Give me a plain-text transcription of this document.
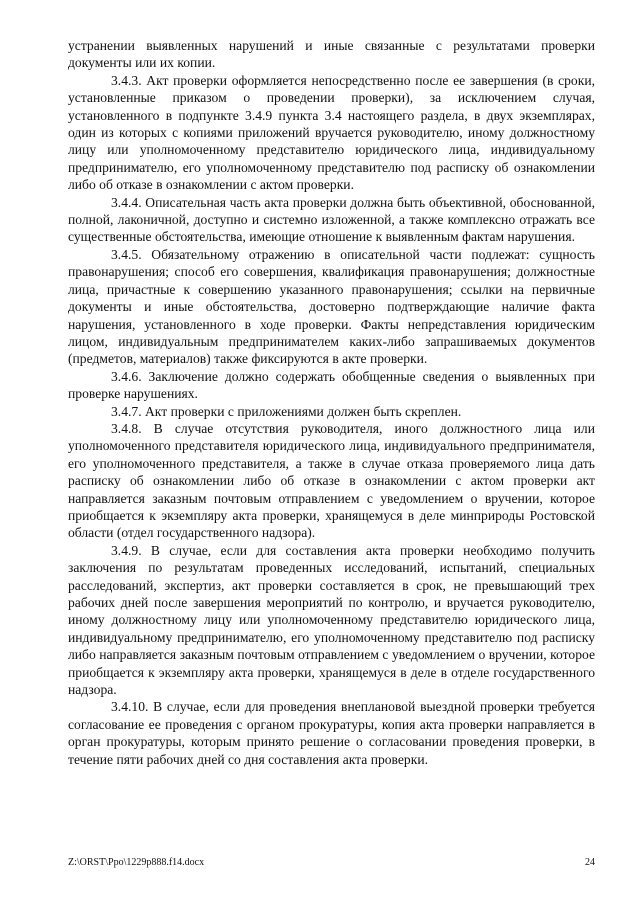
устранении выявленных нарушений и иные связанные с результатами проверки документы или их копии.

3.4.3. Акт проверки оформляется непосредственно после ее завершения (в сроки, установленные приказом о проведении проверки), за исключением случая, установленного в подпункте 3.4.9 пункта 3.4 настоящего раздела, в двух экземплярах, один из которых с копиями приложений вручается руководителю, иному должностному лицу или уполномоченному представителю юридического лица, индивидуальному предпринимателю, его уполномоченному представителю под расписку об ознакомлении либо об отказе в ознакомлении с актом проверки.

3.4.4. Описательная часть акта проверки должна быть объективной, обоснованной, полной, лаконичной, доступно и системно изложенной, а также комплексно отражать все существенные обстоятельства, имеющие отношение к выявленным фактам нарушения.

3.4.5. Обязательному отражению в описательной части подлежат: сущность правонарушения; способ его совершения, квалификация правонарушения; должностные лица, причастные к совершению указанного правонарушения; ссылки на первичные документы и иные обстоятельства, достоверно подтверждающие наличие факта нарушения, установленного в ходе проверки. Факты непредставления юридическим лицом, индивидуальным предпринимателем каких-либо запрашиваемых документов (предметов, материалов) также фиксируются в акте проверки.

3.4.6. Заключение должно содержать обобщенные сведения о выявленных при проверке нарушениях.

3.4.7. Акт проверки с приложениями должен быть скреплен.

3.4.8. В случае отсутствия руководителя, иного должностного лица или уполномоченного представителя юридического лица, индивидуального предпринимателя, его уполномоченного представителя, а также в случае отказа проверяемого лица дать расписку об ознакомлении либо об отказе в ознакомлении с актом проверки акт направляется заказным почтовым отправлением с уведомлением о вручении, которое приобщается к экземпляру акта проверки, хранящемуся в деле минприроды Ростовской области (отдел государственного надзора).

3.4.9. В случае, если для составления акта проверки необходимо получить заключения по результатам проведенных исследований, испытаний, специальных расследований, экспертиз, акт проверки составляется в срок, не превышающий трех рабочих дней после завершения мероприятий по контролю, и вручается руководителю, иному должностному лицу или уполномоченному представителю юридического лица, индивидуальному предпринимателю, его уполномоченному представителю под расписку либо направляется заказным почтовым отправлением с уведомлением о вручении, которое приобщается к экземпляру акта проверки, хранящемуся в деле в отделе государственного надзора.

3.4.10. В случае, если для проведения внеплановой выездной проверки требуется согласование ее проведения с органом прокуратуры, копия акта проверки направляется в орган прокуратуры, которым принято решение о согласовании проведения проверки, в течение пяти рабочих дней со дня составления акта проверки.

Z:\ORST\Ppo\1229p888.f14.docx	24
